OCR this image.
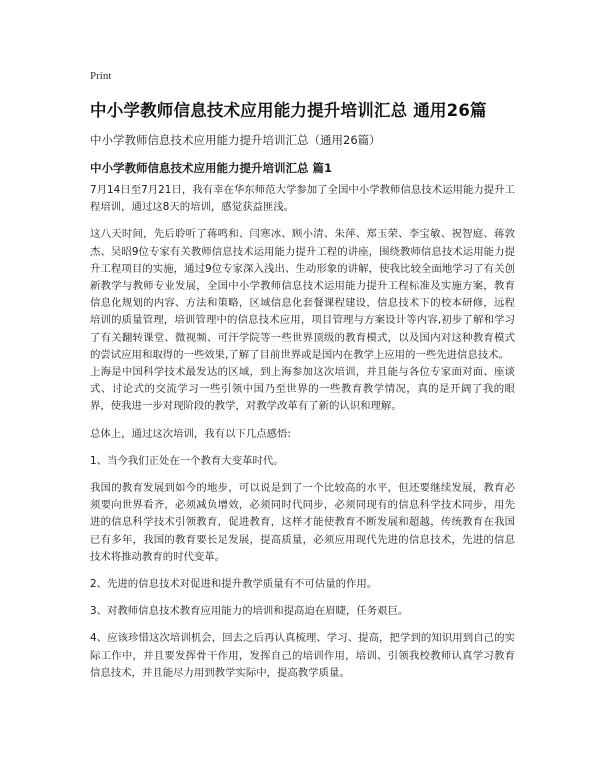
Print
中小学教师信息技术应用能力提升培训汇总 通用26篇
中小学教师信息技术应用能力提升培训汇总（通用26篇）
中小学教师信息技术应用能力提升培训汇总 篇1

7月14日至7月21日，我有幸在华东师范大学参加了全国中小学教师信息技术运用能力提升工程培训，通过这8天的培训，感觉获益匪浅。

这八天时间，先后聆听了蒋鸣和、闫寒冰、顾小清、朱萍、郑玉荣、李宝敏、祝智庭、蒋敦杰、吴昭9位专家有关教师信息技术运用能力提升工程的讲座，围绕教师信息技术运用能力提升工程项目的实施，通过9位专家深入浅出、生动形象的讲解，使我比较全面地学习了有关创新教学与教师专业发展，全国中小学教师信息技术运用能力提升工程标准及实施方案，教育信息化规划的内容、方法和策略，区域信息化套餐课程建设，信息技术下的校本研修，远程培训的质量管理，培训管理中的信息技术应用，项目管理与方案设计等内容,初步了解和学习了有关翻转课堂、微视频、可汗学院等一些世界顶级的教育模式，以及国内对这种教育模式的尝试应用和取得的一些效果,了解了目前世界或是国内在教学上应用的一些先进信息技术。

上海是中国科学技术最发达的区域，到上海参加这次培训，并且能与各位专家面对面、座谈式、讨论式的交流学习一些引领中国乃至世界的一些教育教学情况，真的是开阔了我的眼界，使我进一步对现阶段的教学，对教学改革有了新的认识和理解。

总体上，通过这次培训，我有以下几点感悟:

1、当今我们正处在一个教育大变革时代。

我国的教育发展到如今的地步，可以说是到了一个比较高的水平，但还要继续发展，教育必须要向世界看齐，必须减负增效，必须同时代同步，必须同现有的信息科学技术同步，用先进的信息科学技术引领教育，促进教育，这样才能使教育不断发展和超越，传统教育在我国已有多年，我国的教育要长足发展，提高质量，必须应用现代先进的信息技术，先进的信息技术将推动教育的时代变革。

2、先进的信息技术对促进和提升教学质量有不可估量的作用。

3、对教师信息技术教育应用能力的培训和提高迫在眉睫，任务艰巨。

4、应该珍惜这次培训机会，回去之后再认真梳理、学习、提高，把学到的知识用到自己的实际工作中，并且要发挥骨干作用，发挥自己的培训作用，培训、引领我校教师认真学习教育信息技术，并且能尽力用到教学实际中，提高教学质量。
